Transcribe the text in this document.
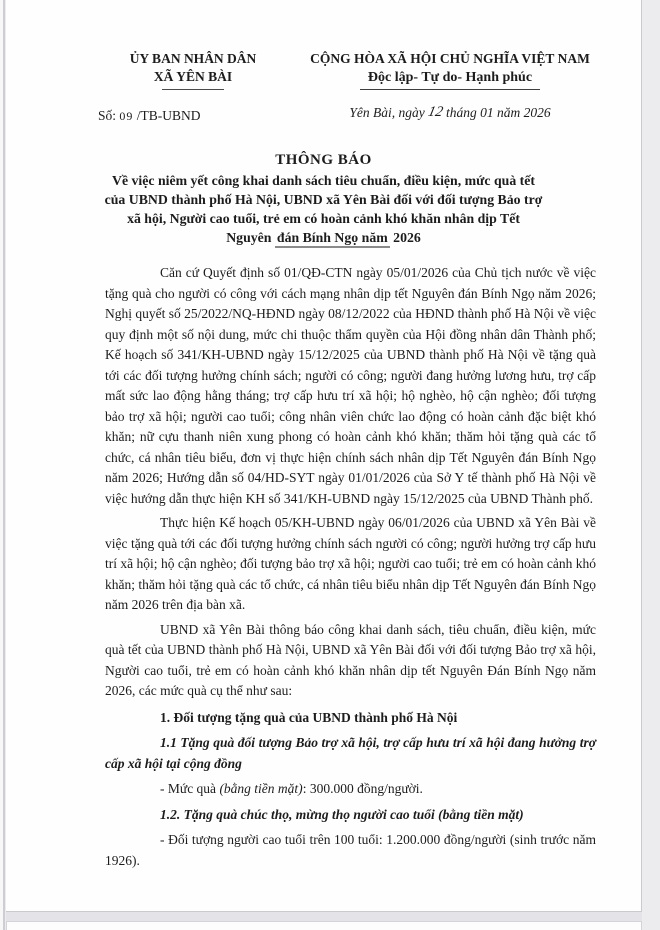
ỦY BAN NHÂN DÂN
XÃ YÊN BÀI
Số: 09 /TB-UBND
CỘNG HÒA XÃ HỘI CHỦ NGHĨA VIỆT NAM
Độc lập- Tự do- Hạnh phúc
Yên Bài, ngày 12 tháng 01 năm 2026
THÔNG BÁO
Về việc niêm yết công khai danh sách tiêu chuẩn, điều kiện, mức quà tết
của UBND thành phố Hà Nội, UBND xã Yên Bài đối với đối tượng Bảo trợ
xã hội, Người cao tuổi, trẻ em có hoàn cảnh khó khăn nhân dịp Tết
Nguyên đán Bính Ngọ năm 2026

Căn cứ Quyết định số 01/QĐ-CTN ngày 05/01/2026 của Chủ tịch nước về việc tặng quà cho người có công với cách mạng nhân dịp tết Nguyên đán Bính Ngọ năm 2026; Nghị quyết số 25/2022/NQ-HĐND ngày 08/12/2022 của HĐND thành phố Hà Nội về việc quy định một số nội dung, mức chi thuộc thẩm quyền của Hội đồng nhân dân Thành phố; Kế hoạch số 341/KH-UBND ngày 15/12/2025 của UBND thành phố Hà Nội về tặng quà tới các đối tượng hưởng chính sách; người có công; người đang hưởng lương hưu, trợ cấp mất sức lao động hằng tháng; trợ cấp hưu trí xã hội; hộ nghèo, hộ cận nghèo; đối tượng bảo trợ xã hội; người cao tuổi; công nhân viên chức lao động có hoàn cảnh đặc biệt khó khăn; nữ cựu thanh niên xung phong có hoàn cảnh khó khăn; thăm hỏi tặng quà các tổ chức, cá nhân tiêu biểu, đơn vị thực hiện chính sách nhân dịp Tết Nguyên đán Bính Ngọ năm 2026; Hướng dẫn số 04/HD-SYT ngày 01/01/2026 của Sở Y tế thành phố Hà Nội về việc hướng dẫn thực hiện KH số 341/KH-UBND ngày 15/12/2025 của UBND Thành phố.

Thực hiện Kế hoạch 05/KH-UBND ngày 06/01/2026 của UBND xã Yên Bài về việc tặng quà tới các đối tượng hưởng chính sách người có công; người hưởng trợ cấp hưu trí xã hội; hộ cận nghèo; đối tượng bảo trợ xã hội; người cao tuổi; trẻ em có hoàn cảnh khó khăn; thăm hỏi tặng quà các tổ chức, cá nhân tiêu biểu nhân dịp Tết Nguyên đán Bính Ngọ năm 2026 trên địa bàn xã.

UBND xã Yên Bài thông báo công khai danh sách, tiêu chuẩn, điều kiện, mức quà tết của UBND thành phố Hà Nội, UBND xã Yên Bài đối với đối tượng Bảo trợ xã hội, Người cao tuổi, trẻ em có hoàn cảnh khó khăn nhân dịp tết Nguyên Đán Bính Ngọ năm 2026, các mức quà cụ thể như sau:

1. Đối tượng tặng quà của UBND thành phố Hà Nội

1.1 Tặng quà đối tượng Bảo trợ xã hội, trợ cấp hưu trí xã hội đang hưởng trợ cấp xã hội tại cộng đồng

- Mức quà (bằng tiền mặt): 300.000 đồng/người.

1.2. Tặng quà chúc thọ, mừng thọ người cao tuổi (bằng tiền mặt)

- Đối tượng người cao tuổi trên 100 tuổi: 1.200.000 đồng/người (sinh trước năm 1926).
